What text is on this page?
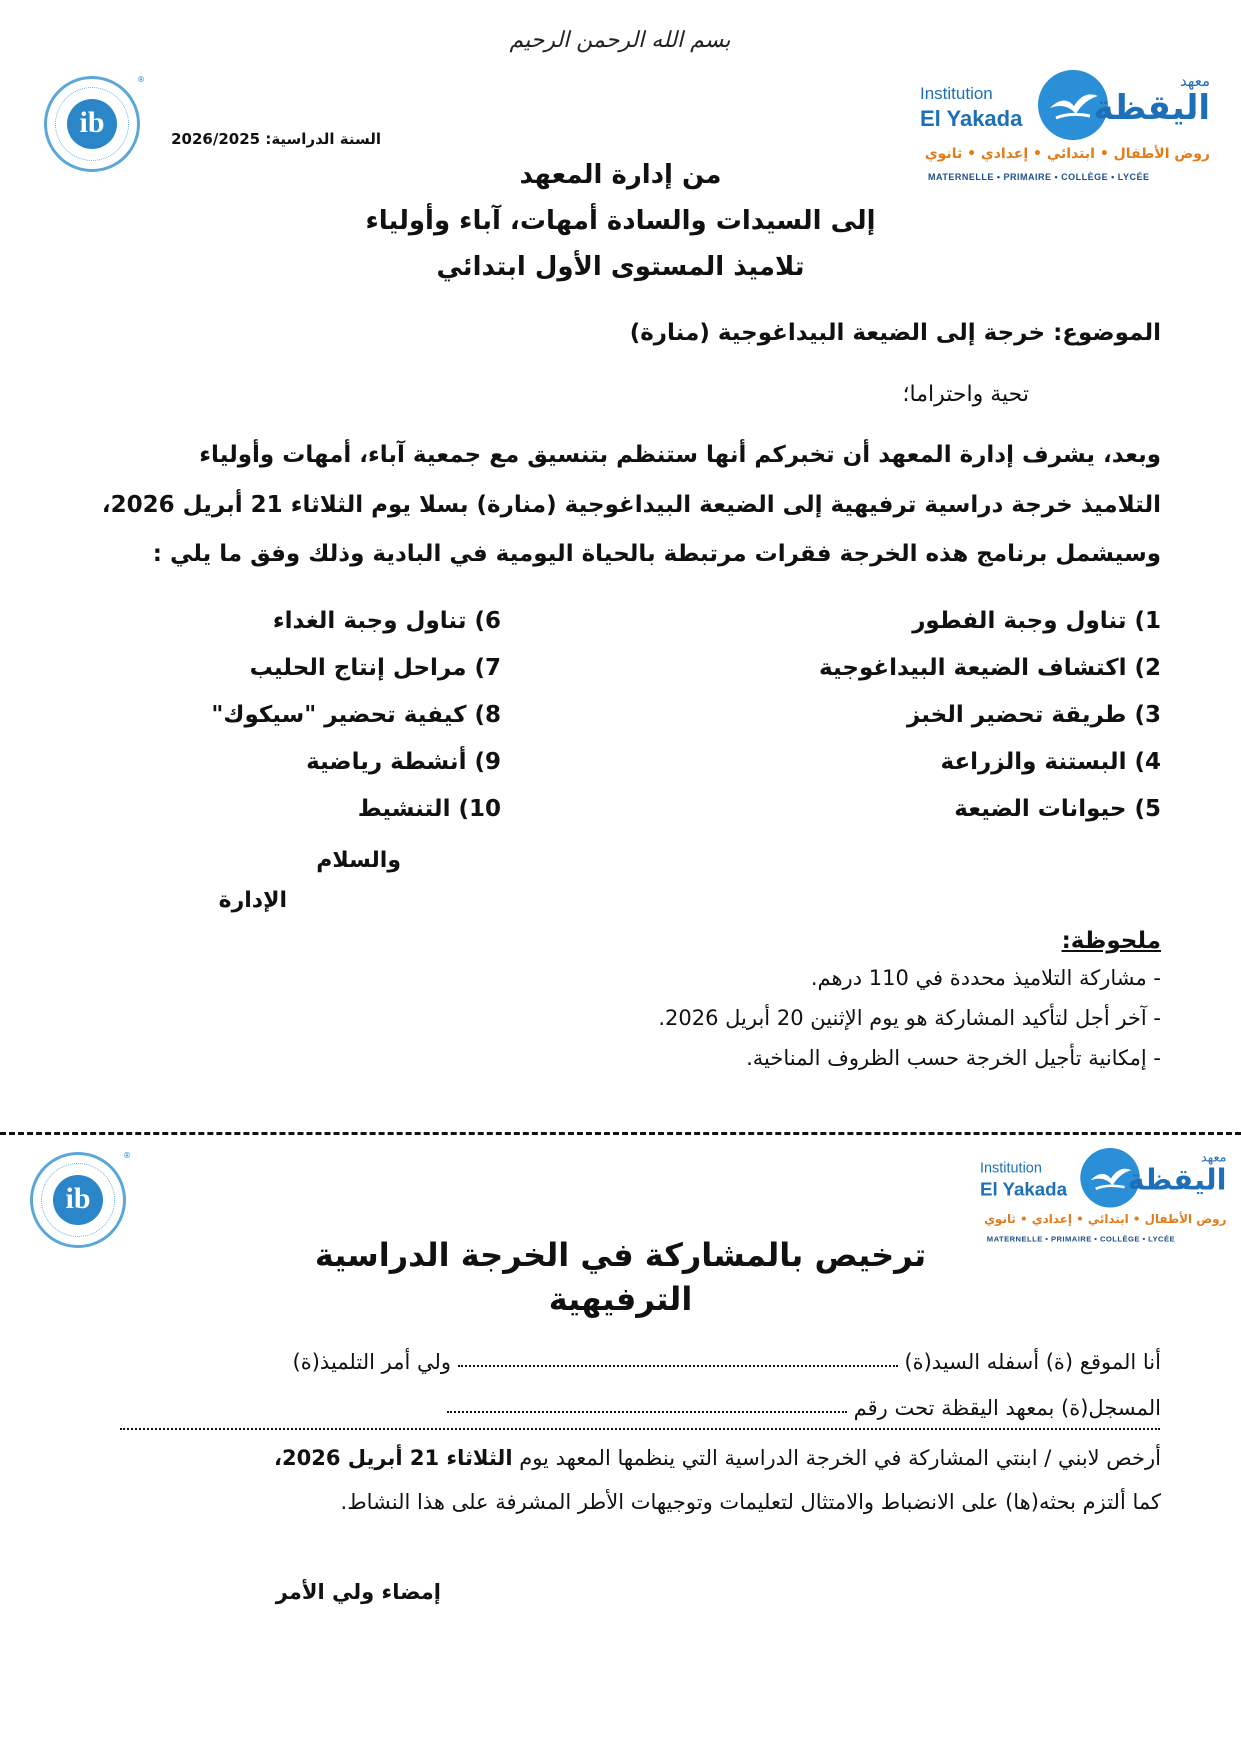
بسم الله الرحمن الرحيم
Institution
El Yakada
معهد
اليقظة
روض الأطفال • ابتدائي • إعدادي • ثانوي
MATERNELLE • PRIMAIRE • COLLÈGE • LYCÉE
ib
®
السنة الدراسية: 2026/2025
من إدارة المعهد
إلى السيدات والسادة أمهات، آباء وأولياء
تلاميذ المستوى الأول ابتدائي
الموضوع: خرجة إلى الضيعة البيداغوجية (منارة)
تحية واحتراما؛
وبعد، يشرف إدارة المعهد أن تخبركم أنها ستنظم بتنسيق مع جمعية آباء، أمهات وأولياء
التلاميذ خرجة دراسية ترفيهية إلى الضيعة البيداغوجية (منارة) بسلا يوم الثلاثاء 21 أبريل 2026،
وسيشمل برنامج هذه الخرجة فقرات مرتبطة بالحياة اليومية في البادية وذلك وفق ما يلي :
1) تناول وجبة الفطور
2) اكتشاف الضيعة البيداغوجية
3) طريقة تحضير الخبز
4) البستنة والزراعة
5) حيوانات الضيعة
6) تناول وجبة الغداء
7) مراحل إنتاج الحليب
8) كيفية تحضير "سيكوك"
9) أنشطة رياضية
10) التنشيط
والسلام
الإدارة
ملحوظة:
- مشاركة التلاميذ محددة في 110 درهم.
- آخر أجل لتأكيد المشاركة هو يوم الإثنين 20 أبريل 2026.
- إمكانية تأجيل الخرجة حسب الظروف المناخية.
Institution
El Yakada
معهد
اليقظة
روض الأطفال • ابتدائي • إعدادي • ثانوي
MATERNELLE • PRIMAIRE • COLLÈGE • LYCÉE
ib
®
ترخيص بالمشاركة في الخرجة الدراسية
الترفيهية
أنا الموقع (ة) أسفله السيد(ة)  ولي أمر التلميذ(ة)
المسجل(ة) بمعهد اليقظة تحت رقم
أرخص لابني / ابنتي المشاركة في الخرجة الدراسية التي ينظمها المعهد يوم الثلاثاء 21 أبريل 2026،
كما ألتزم بحثه(ها) على الانضباط والامتثال لتعليمات وتوجيهات الأطر المشرفة على هذا النشاط.
إمضاء ولي الأمر
